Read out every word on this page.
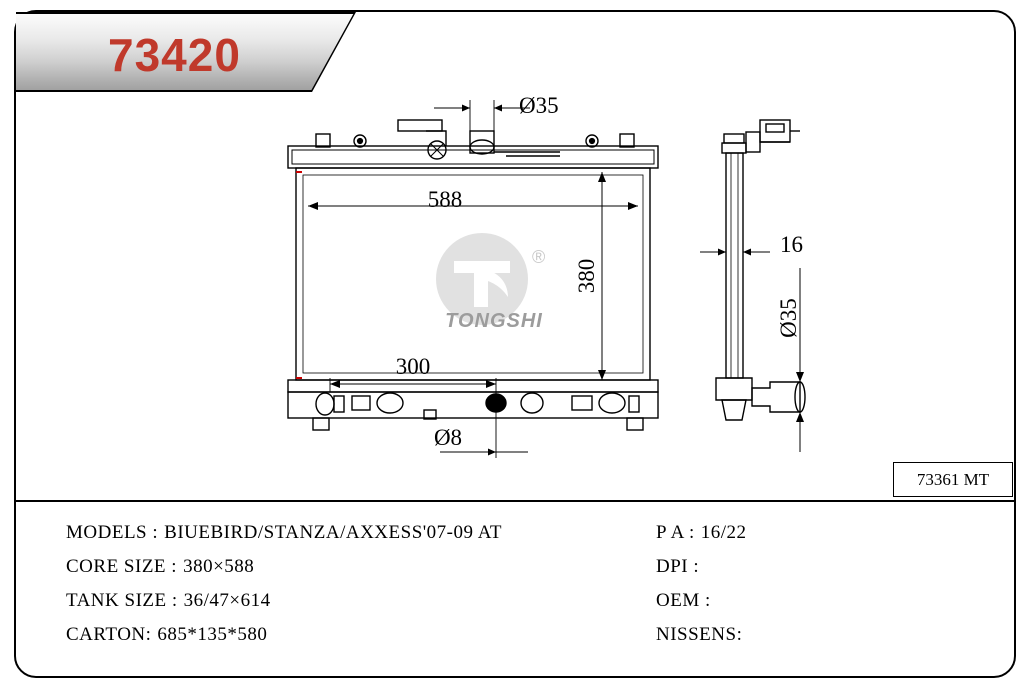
Ø35
588
380
300
Ø8
16
Ø35
®
TONGSHI
73420
73361 MT
MODELS : BIUEBIRD/STANZA/AXXESS'07-09 AT
CORE SIZE : 380×588
TANK SIZE : 36/47×614
CARTON: 685*135*580
P A : 16/22
DPI :
OEM :
NISSENS:
